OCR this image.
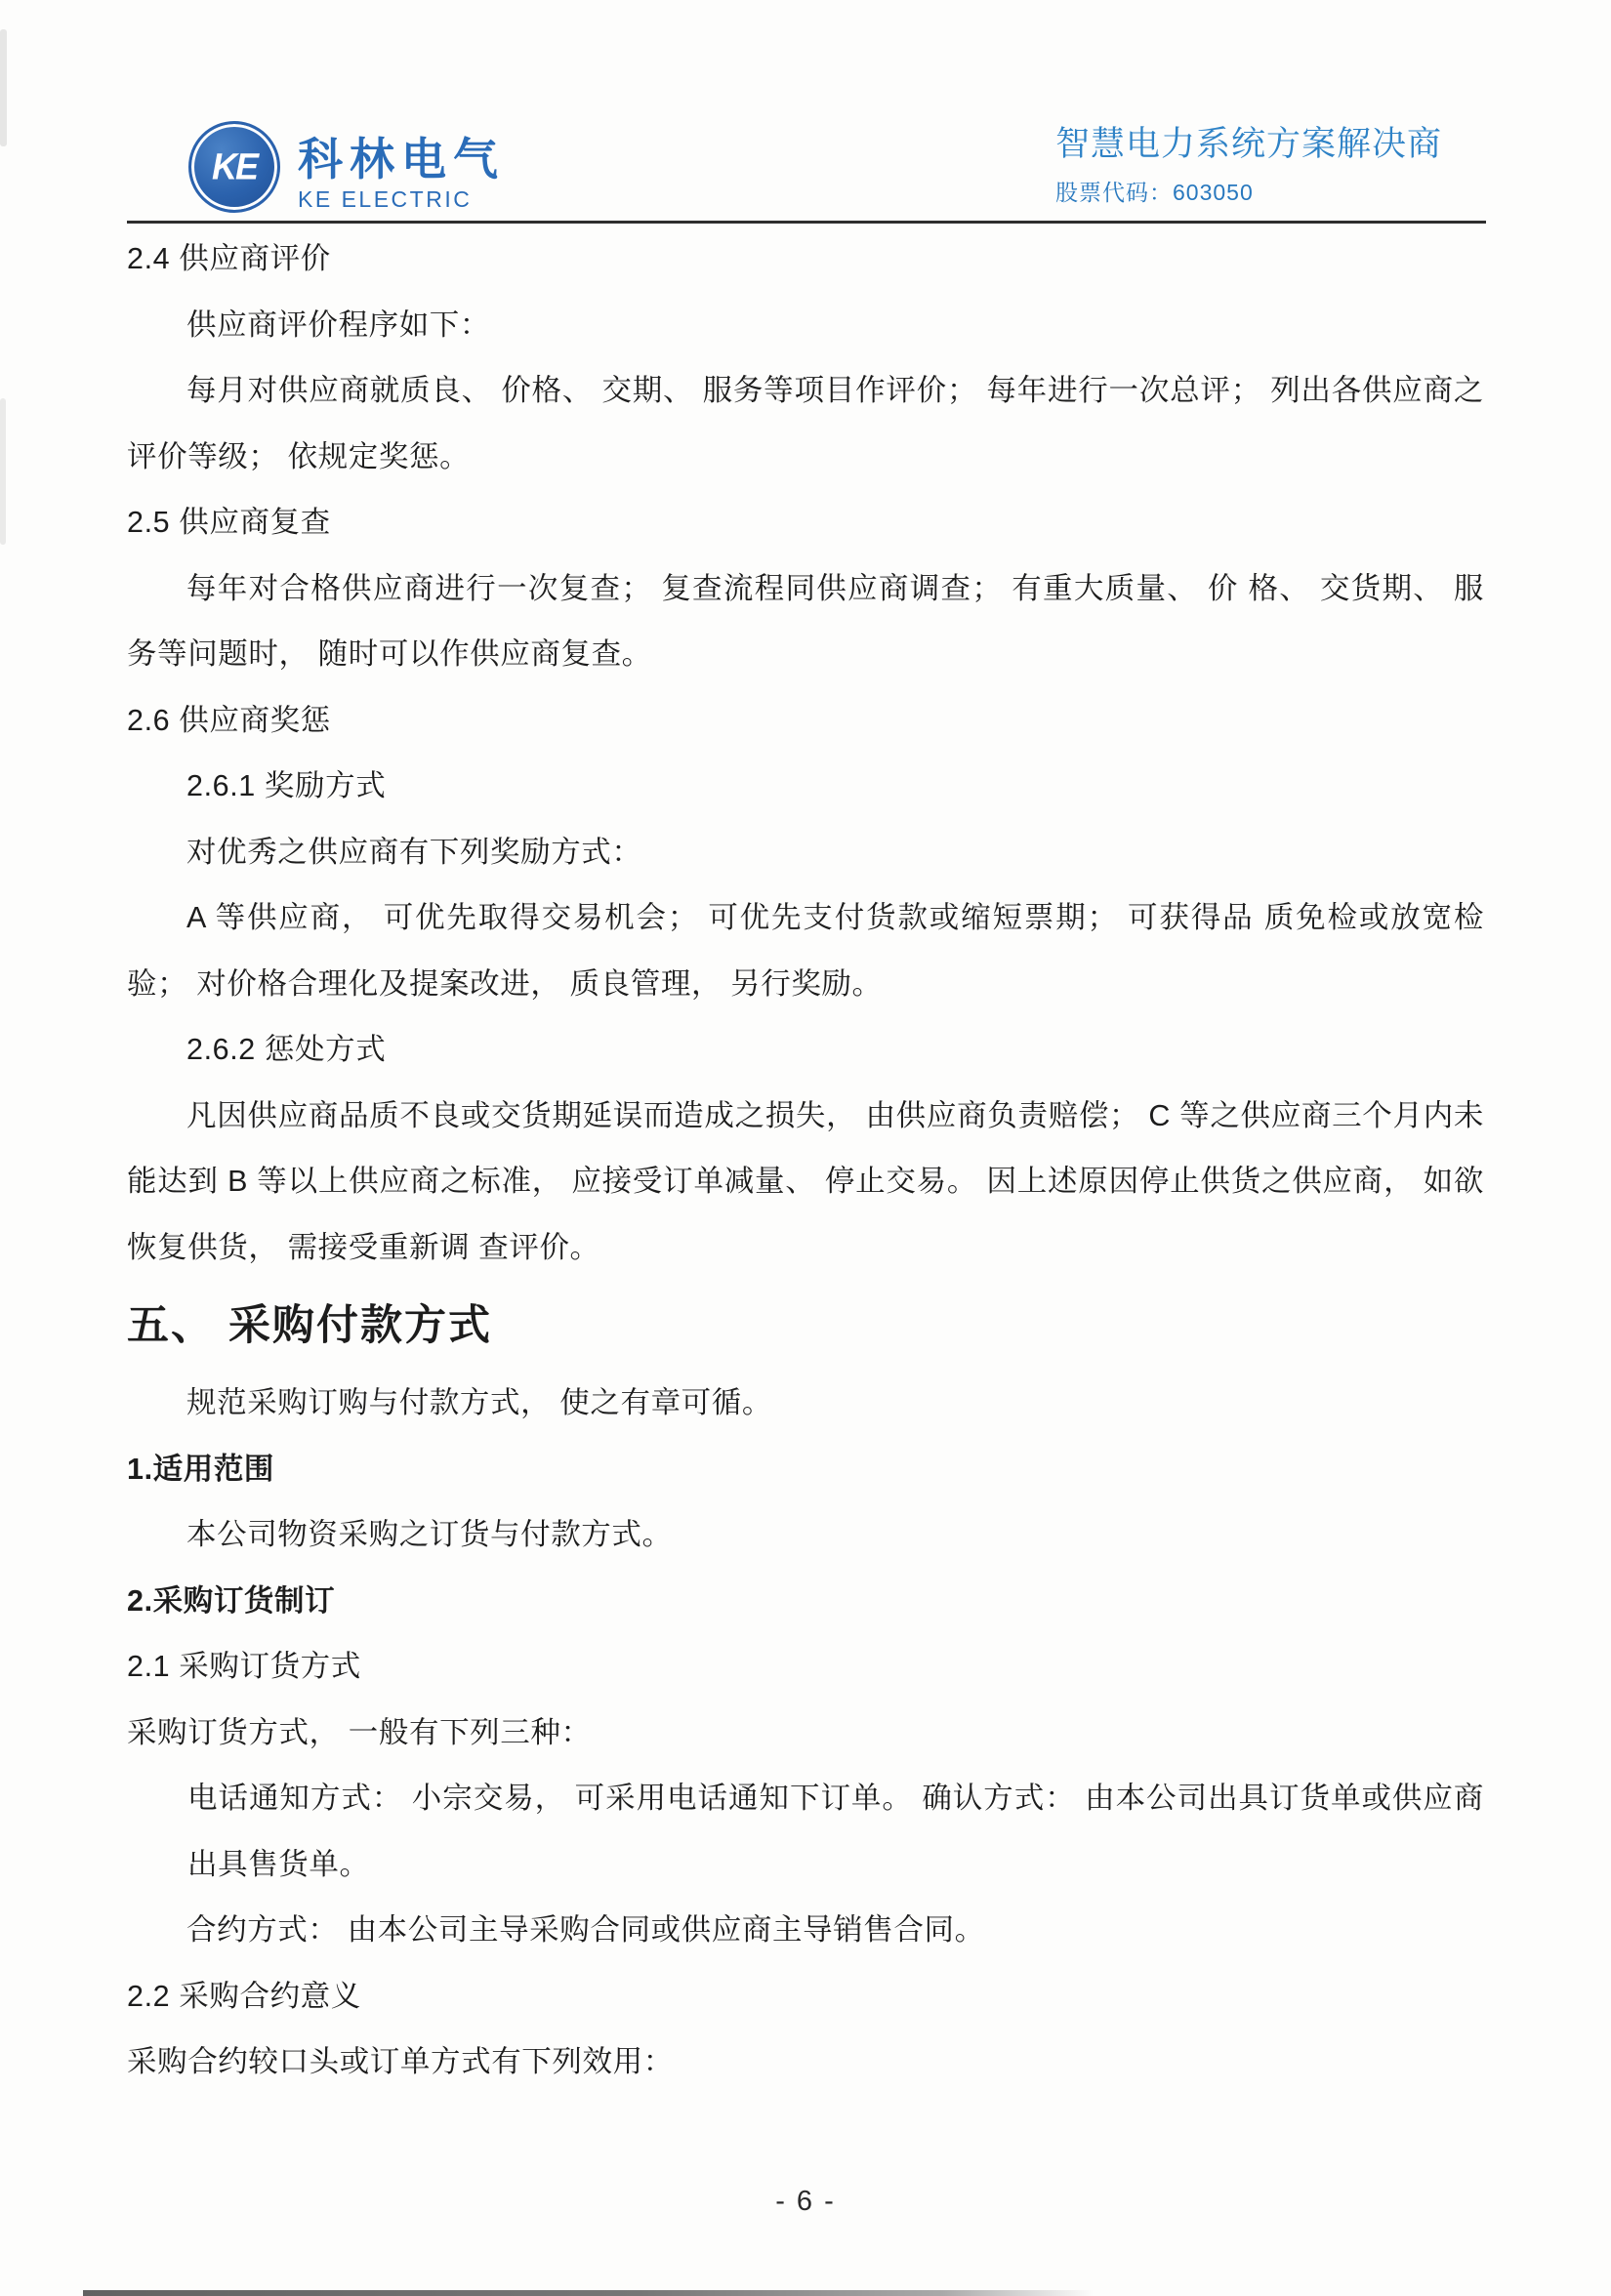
KE 科林电气
KE ELECTRIC
智慧电力系统方案解决商
股票代码：603050

2.4 供应商评价

供应商评价程序如下：

每月对供应商就质良、 价格、 交期、 服务等项目作评价； 每年进行一次总评； 列出各供应商之评价等级； 依规定奖惩。

2.5 供应商复查

每年对合格供应商进行一次复查； 复查流程同供应商调查； 有重大质量、 价 格、 交货期、 服务等问题时， 随时可以作供应商复查。

2.6 供应商奖惩

2.6.1 奖励方式

对优秀之供应商有下列奖励方式：

A 等供应商， 可优先取得交易机会； 可优先支付货款或缩短票期； 可获得品 质免检或放宽检验； 对价格合理化及提案改进， 质良管理， 另行奖励。

2.6.2 惩处方式

凡因供应商品质不良或交货期延误而造成之损失， 由供应商负责赔偿； C 等之供应商三个月内未能达到 B 等以上供应商之标准， 应接受订单减量、 停止交易。 因上述原因停止供货之供应商， 如欲恢复供货， 需接受重新调 查评价。

五、 采购付款方式

规范采购订购与付款方式， 使之有章可循。

1.适用范围

本公司物资采购之订货与付款方式。

2.采购订货制订

2.1 采购订货方式

采购订货方式， 一般有下列三种：

电话通知方式： 小宗交易， 可采用电话通知下订单。 确认方式： 由本公司出具订货单或供应商出具售货单。

合约方式： 由本公司主导采购合同或供应商主导销售合同。

2.2 采购合约意义

采购合约较口头或订单方式有下列效用：

- 6 -
